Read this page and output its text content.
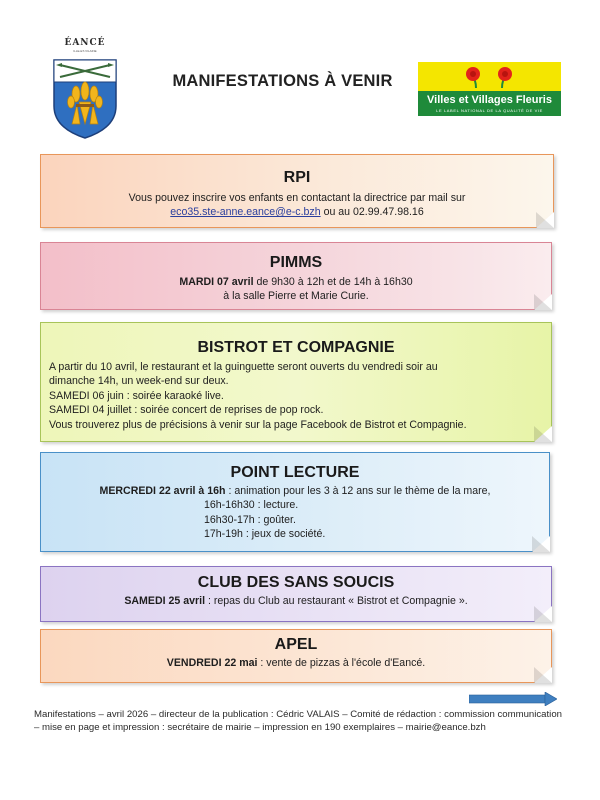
ÉANCÉ
ILLE-ET-VILAINE
MANIFESTATIONS À VENIR
Villes et Villages Fleuris
LE LABEL NATIONAL DE LA QUALITÉ DE VIE
RPI
Vous pouvez inscrire vos enfants en contactant la directrice par mail sur
eco35.ste-anne.eance@e-c.bzh ou au 02.99.47.98.16
PIMMS
MARDI 07 avril de 9h30 à 12h et de 14h à 16h30
à la salle Pierre et Marie Curie.
BISTROT ET COMPAGNIE
A partir du 10 avril, le restaurant et la guinguette seront ouverts du vendredi soir au
dimanche 14h, un week-end sur deux.
SAMEDI 06 juin : soirée karaoké live.
SAMEDI 04 juillet : soirée concert de reprises de pop rock.
Vous trouverez plus de précisions à venir sur la page Facebook de Bistrot et Compagnie.
POINT LECTURE
MERCREDI 22 avril à 16h : animation pour les 3 à 12 ans sur le thème de la mare,
16h-16h30 : lecture.
16h30-17h : goûter.
17h-19h : jeux de société.
CLUB DES SANS SOUCIS
SAMEDI 25 avril : repas du Club au restaurant « Bistrot et Compagnie ».
APEL
VENDREDI 22 mai : vente de pizzas à l'école d'Eancé.
Manifestations – avril 2026 – directeur de la publication : Cédric VALAIS – Comité de rédaction : commission communication – mise en page et impression : secrétaire de mairie – impression en 190 exemplaires – mairie@eance.bzh
